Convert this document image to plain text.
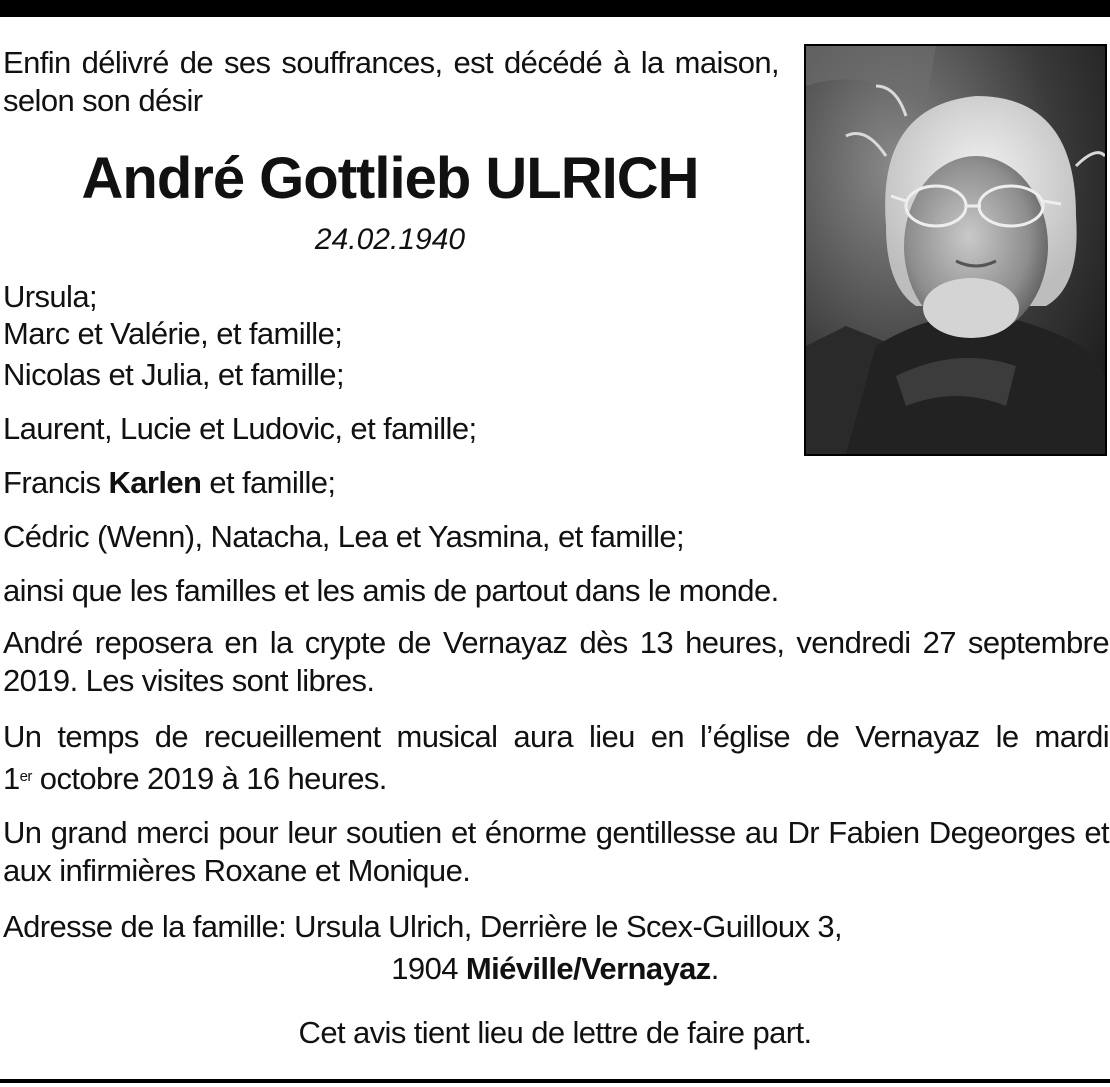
Enfin délivré de ses souffrances, est décédé à la maison, selon son désir
André Gottlieb ULRICH
24.02.1940
Ursula;
Marc et Valérie, et famille;
Nicolas et Julia, et famille;
Laurent, Lucie et Ludovic, et famille;
Francis Karlen et famille;
Cédric (Wenn), Natacha, Lea et Yasmina, et famille;
ainsi que les familles et les amis de partout dans le monde.
André reposera en la crypte de Vernayaz dès 13 heures, vendredi 27 septembre 2019. Les visites sont libres.
Un temps de recueillement musical aura lieu en l’église de Vernayaz le mardi
1er octobre 2019 à 16 heures.
Un grand merci pour leur soutien et énorme gentillesse au Dr Fabien Degeorges et aux infirmières Roxane et Monique.
Adresse de la famille: Ursula Ulrich, Derrière le Scex-Guilloux 3,
1904 Miéville/Vernayaz.
Cet avis tient lieu de lettre de faire part.
